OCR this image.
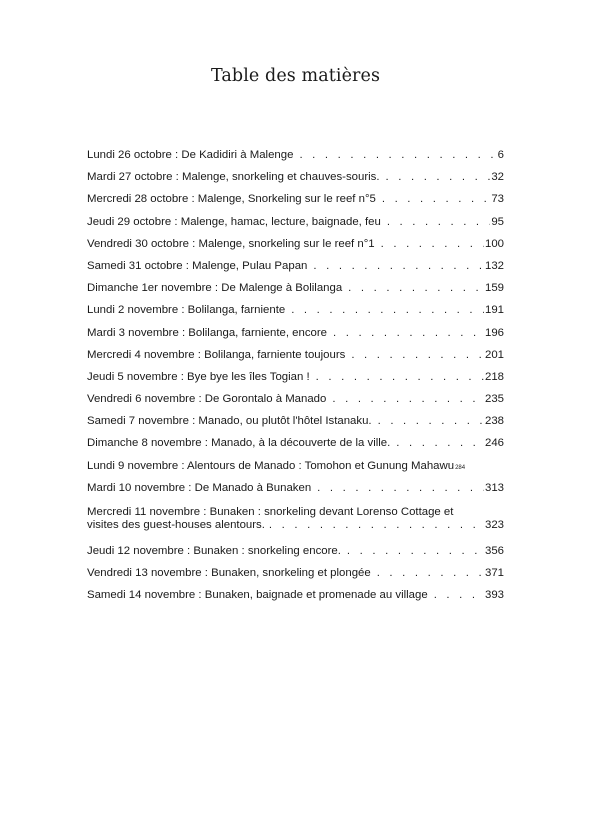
Table des matières
Lundi 26 octobre : De Kadidiri à Malenge . . .	6
Mardi 27 octobre : Malenge, snorkeling et chauves-souris. . . .	32
Mercredi 28 octobre : Malenge, Snorkeling sur le reef n°5 . . .	73
Jeudi 29 octobre : Malenge, hamac, lecture, baignade, feu . . .	95
Vendredi 30 octobre : Malenge, snorkeling sur le reef n°1 . . .	100
Samedi 31 octobre : Malenge, Pulau Papan . . .	132
Dimanche 1er novembre : De Malenge à Bolilanga . . .	159
Lundi 2 novembre : Bolilanga, farniente . . .	191
Mardi 3 novembre : Bolilanga, farniente, encore . . .	196
Mercredi 4 novembre : Bolilanga, farniente toujours . . .	201
Jeudi 5 novembre : Bye bye les îles Togian ! . . .	218
Vendredi 6 novembre : De Gorontalo à Manado . . .	235
Samedi 7 novembre : Manado, ou plutôt l'hôtel Istanaku. . . .	238
Dimanche 8 novembre : Manado, à la découverte de la ville. . . .	246
Lundi 9 novembre : Alentours de Manado : Tomohon et Gunung Mahawu 284
Mardi 10 novembre : De Manado à Bunaken . . .	313
Mercredi 11 novembre : Bunaken : snorkeling devant Lorenso Cottage et
visites des guest-houses alentours. . . .	323
Jeudi 12 novembre : Bunaken : snorkeling encore. . . .	356
Vendredi 13 novembre : Bunaken, snorkeling et plongée . . .	371
Samedi 14 novembre : Bunaken, baignade et promenade au village . . .	393
